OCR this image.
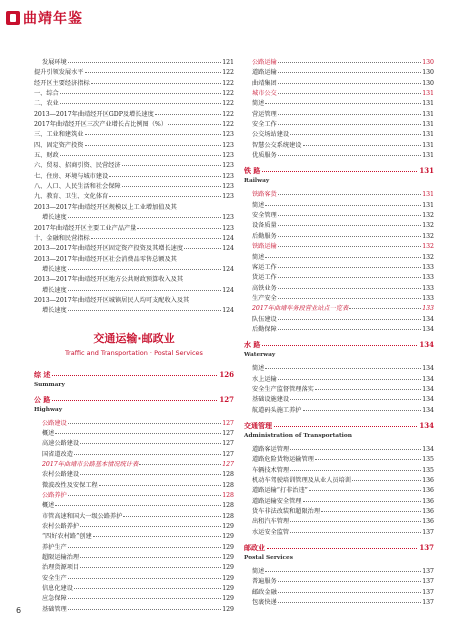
曲靖年鉴
发展环境	121
提升引领发展水平	122
经开区主要经济指标	122
一、综合	122
二、农业	122
2013—2017年曲靖经开区GDP及增长速度	122
2017年曲靖经开区三次产业增长占比例图（%）	122
三、工业和建筑业	123
四、固定资产投资	123
五、财政	123
六、贸易、招商引资、民营经济	123
七、住房、环境与城市建设	123
八、人口、人民生活和社会保障	123
九、教育、卫生、文化体育	123
2013—2017年曲靖经开区规模以上工业增加值及其
增长速度	123
2017年曲靖经开区主要工业产品产量	123
十、金融和民营指标	124
2013—2017年曲靖经开区固定资产投资及其增长速度	124
2013—2017年曲靖经开区社会消费品零售总额及其
增长速度	124
2013—2017年曲靖经开区地方公共财政预算收入及其
增长速度	124
2013—2017年曲靖经开区城镇居民人均可支配收入及其
增长速度	124
交通运输·邮政业
Traffic and Transportation · Postal Services
综 述	126
Summary
公 路	127
Highway
公路建设	127
概述	127
高速公路建设	127
国省道改造	127
2017年曲靖市公路基本情况统计表	127
农村公路建设	128
微波改性及安保工程	128
公路养护	128
概述	128
市管高速和国大一级公路养护	128
农村公路养护	129
“四好农村路”创建	129
养护生产	129
超限运输治理	129
治理货源项目	129
安全生产	129
信息化建设	129
应急保障	129
基础管理	129
公路运输	130
道路运输	130
曲靖集团	130
城市公交	131
简述	131
营运管理	131
安全工作	131
公交场站建设	131
智慧公交系统建设	131
优质服务	131
铁 路	131
Railway
铁路客货	131
简述	131
安全管理	132
设备质量	132
后勤服务	132
铁路运输	132
简述	132
客运工作	133
货运工作	133
高铁业务	133
生产安全	133
2017年曲靖车务段营业站点一览表	133
队伍建设	134
后勤保障	134
水 路	134
Waterway
简述	134
水上运输	134
安全生产监督管理落实	134
基础设施建设	134
航道码头施工养护	134
交通管理	134
Administration of Transportation
道路客运管理	134
道路危险货物运输管理	135
车辆技术管理	135
机动车驾驶培训管理及从业人员培训	136
道路运输“打非治违”	136
道路运输安全管理	136
货车非法改装和超限治理	136
出租汽车管理	136
水运安全监管	137
邮政业	137
Postal Services
简述	137
普遍服务	137
邮政金融	137
包裹快递	137
6
